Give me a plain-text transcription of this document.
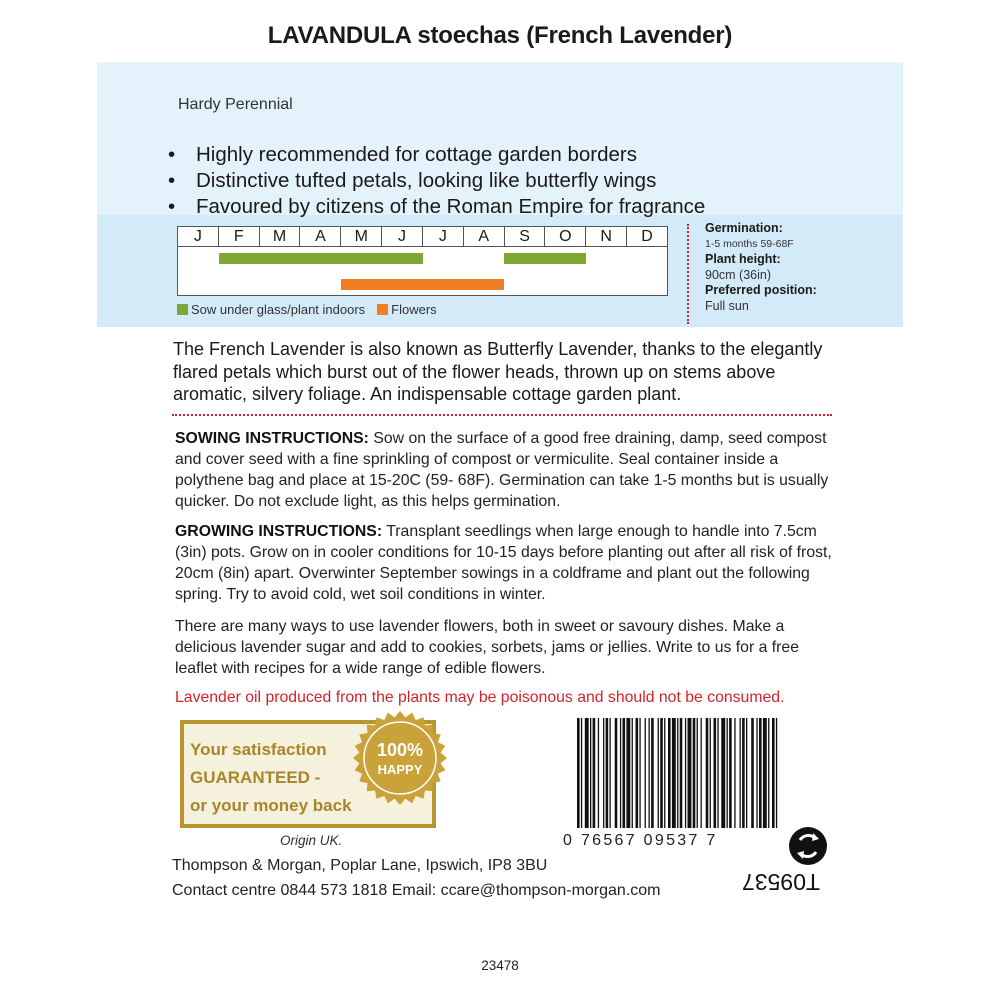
LAVANDULA stoechas (French Lavender)
Hardy Perennial
• Highly recommended for cottage garden borders
• Distinctive tufted petals, looking like butterfly wings
• Favoured by citizens of the Roman Empire for fragrance
J	F	M	A	M	J	J	A	S	O	N	D
Sow under glass/plant indoors Flowers
Germination:
1-5 months 59-68F
Plant height:
90cm (36in)
Preferred position:
Full sun
The French Lavender is also known as Butterfly Lavender, thanks to the elegantly flared petals which burst out of the flower heads, thrown up on stems above aromatic, silvery foliage. An indispensable cottage garden plant.
SOWING INSTRUCTIONS: Sow on the surface of a good free draining, damp, seed compost and cover seed with a fine sprinkling of compost or vermiculite. Seal container inside a polythene bag and place at 15-20C (59- 68F). Germination can take 1-5 months but is usually quicker. Do not exclude light, as this helps germination.
GROWING INSTRUCTIONS: Transplant seedlings when large enough to handle into 7.5cm (3in) pots. Grow on in cooler conditions for 10-15 days before planting out after all risk of frost, 20cm (8in) apart. Overwinter September sowings in a coldframe and plant out the following spring. Try to avoid cold, wet soil conditions in winter.
There are many ways to use lavender flowers, both in sweet or savoury dishes. Make a delicious lavender sugar and add to cookies, sorbets, jams or jellies. Write to us for a free leaflet with recipes for a wide range of edible flowers.
Lavender oil produced from the plants may be poisonous and should not be consumed.
Your satisfaction
GUARANTEED -
or your money back
100%
HAPPY
Origin UK.
Thompson & Morgan, Poplar Lane, Ipswich, IP8 3BU
Contact centre 0844 573 1818 Email: ccare@thompson-morgan.com
0 76567 09537 7
T09537
23478
